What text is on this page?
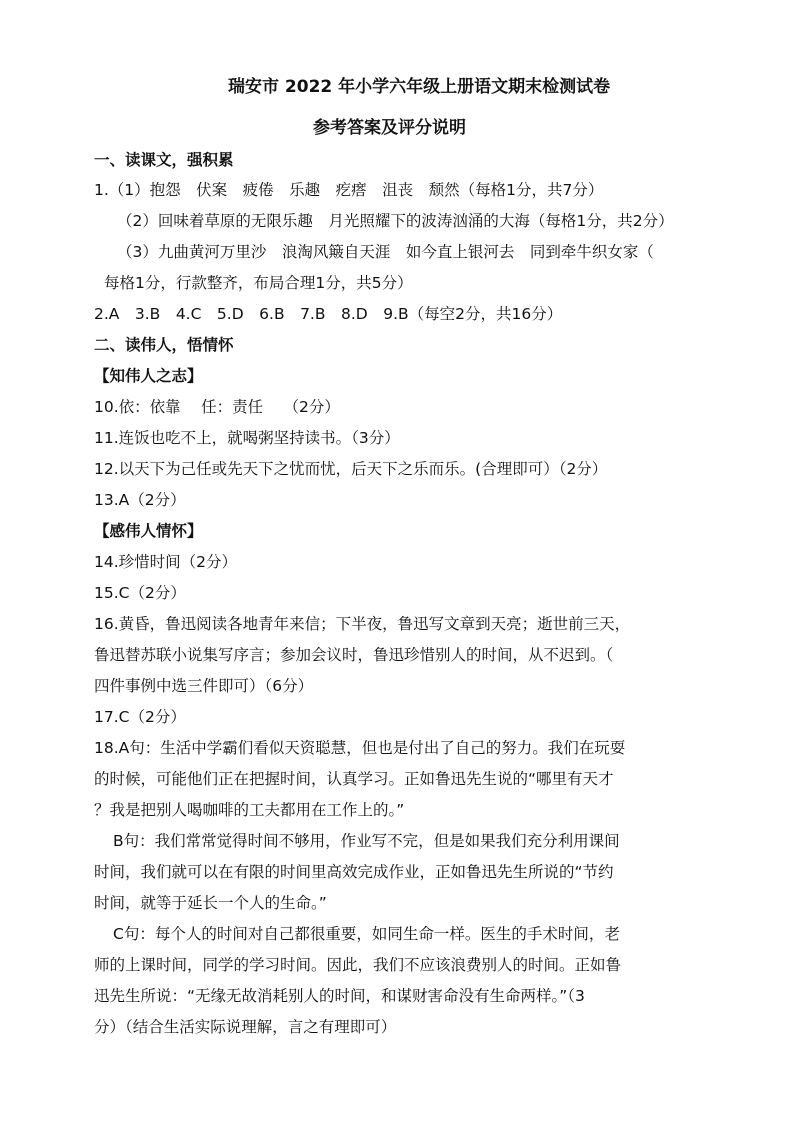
瑞安市 2022 年小学六年级上册语文期末检测试卷
参考答案及评分说明
一、读课文，强积累
1.（1）抱怨　伏案　疲倦　乐趣　疙瘩　沮丧　颓然（每格1分，共7分）
（2）回味着草原的无限乐趣　月光照耀下的波涛汹涌的大海（每格1分，共2分）
（3）九曲黄河万里沙　浪淘风簸自天涯　如今直上银河去　同到牵牛织女家（
每格1分，行款整齐，布局合理1分，共5分）
2.A　3.B　4.C　5.D　6.B　7.B　8.D　9.B（每空2分，共16分）
二、读伟人，悟情怀
【知伟人之志】
10.依：依靠　 任：责任　 （2分）
11.连饭也吃不上，就喝粥坚持读书。（3分）
12.以天下为己任或先天下之忧而忧，后天下之乐而乐。(合理即可）（2分）
13.A（2分）
【感伟人情怀】
14.珍惜时间（2分）
15.C（2分）
16.黄昏，鲁迅阅读各地青年来信；下半夜，鲁迅写文章到天亮；逝世前三天，
鲁迅替苏联小说集写序言；参加会议时，鲁迅珍惜别人的时间，从不迟到。（
四件事例中选三件即可）（6分）
17.C（2分）
18.A句：生活中学霸们看似天资聪慧，但也是付出了自己的努力。我们在玩耍
的时候，可能他们正在把握时间，认真学习。正如鲁迅先生说的“哪里有天才
？我是把别人喝咖啡的工夫都用在工作上的。”
B句：我们常常觉得时间不够用，作业写不完，但是如果我们充分利用课间
时间，我们就可以在有限的时间里高效完成作业，正如鲁迅先生所说的“节约
时间，就等于延长一个人的生命。”
C句：每个人的时间对自己都很重要，如同生命一样。医生的手术时间，老
师的上课时间，同学的学习时间。因此，我们不应该浪费别人的时间。正如鲁
迅先生所说：“无缘无故消耗别人的时间，和谋财害命没有生命两样。”（3
分）（结合生活实际说理解，言之有理即可）
